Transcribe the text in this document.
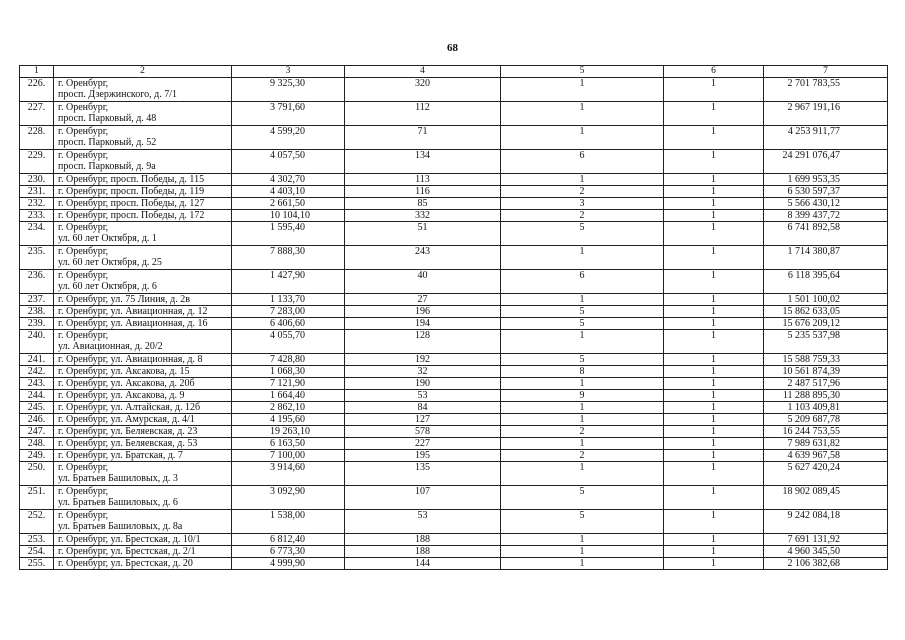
68
1	2	3	4	5	6	7
226.	г. Оренбург,
просп. Дзержинского, д. 7/1	9 325,30	320	1	1	2 701 783,55
227.	г. Оренбург,
просп. Парковый, д. 48	3 791,60	112	1	1	2 967 191,16
228.	г. Оренбург,
просп. Парковый, д. 52	4 599,20	71	1	1	4 253 911,77
229.	г. Оренбург,
просп. Парковый, д. 9а	4 057,50	134	6	1	24 291 076,47
230.	г. Оренбург, просп. Победы, д. 115	4 302,70	113	1	1	1 699 953,35
231.	г. Оренбург, просп. Победы, д. 119	4 403,10	116	2	1	6 530 597,37
232.	г. Оренбург, просп. Победы, д. 127	2 661,50	85	3	1	5 566 430,12
233.	г. Оренбург, просп. Победы, д. 172	10 104,10	332	2	1	8 399 437,72
234.	г. Оренбург,
ул. 60 лет Октября, д. 1	1 595,40	51	5	1	6 741 892,58
235.	г. Оренбург,
ул. 60 лет Октября, д. 25	7 888,30	243	1	1	1 714 380,87
236.	г. Оренбург,
ул. 60 лет Октября, д. 6	1 427,90	40	6	1	6 118 395,64
237.	г. Оренбург, ул. 75 Линия, д. 2в	1 133,70	27	1	1	1 501 100,02
238.	г. Оренбург, ул. Авиационная, д. 12	7 283,00	196	5	1	15 862 633,05
239.	г. Оренбург, ул. Авиационная, д. 16	6 406,60	194	5	1	15 676 209,12
240.	г. Оренбург,
ул. Авиационная, д. 20/2	4 055,70	128	1	1	5 235 537,98
241.	г. Оренбург, ул. Авиационная, д. 8	7 428,80	192	5	1	15 588 759,33
242.	г. Оренбург, ул. Аксакова, д. 15	1 068,30	32	8	1	10 561 874,39
243.	г. Оренбург, ул. Аксакова, д. 20б	7 121,90	190	1	1	2 487 517,96
244.	г. Оренбург, ул. Аксакова, д. 9	1 664,40	53	9	1	11 288 895,30
245.	г. Оренбург, ул. Алтайская, д. 12б	2 862,10	84	1	1	1 103 409,81
246.	г. Оренбург, ул. Амурская, д. 4/1	4 195,60	127	1	1	5 209 687,78
247.	г. Оренбург, ул. Беляевская, д. 23	19 263,10	578	2	1	16 244 753,55
248.	г. Оренбург, ул. Беляевская, д. 53	6 163,50	227	1	1	7 989 631,82
249.	г. Оренбург, ул. Братская, д. 7	7 100,00	195	2	1	4 639 967,58
250.	г. Оренбург,
ул. Братьев Башиловых, д. 3	3 914,60	135	1	1	5 627 420,24
251.	г. Оренбург,
ул. Братьев Башиловых, д. 6	3 092,90	107	5	1	18 902 089,45
252.	г. Оренбург,
ул. Братьев Башиловых, д. 8а	1 538,00	53	5	1	9 242 084,18
253.	г. Оренбург, ул. Брестская, д. 10/1	6 812,40	188	1	1	7 691 131,92
254.	г. Оренбург, ул. Брестская, д. 2/1	6 773,30	188	1	1	4 960 345,50
255.	г. Оренбург, ул. Брестская, д. 20	4 999,90	144	1	1	2 106 382,68
